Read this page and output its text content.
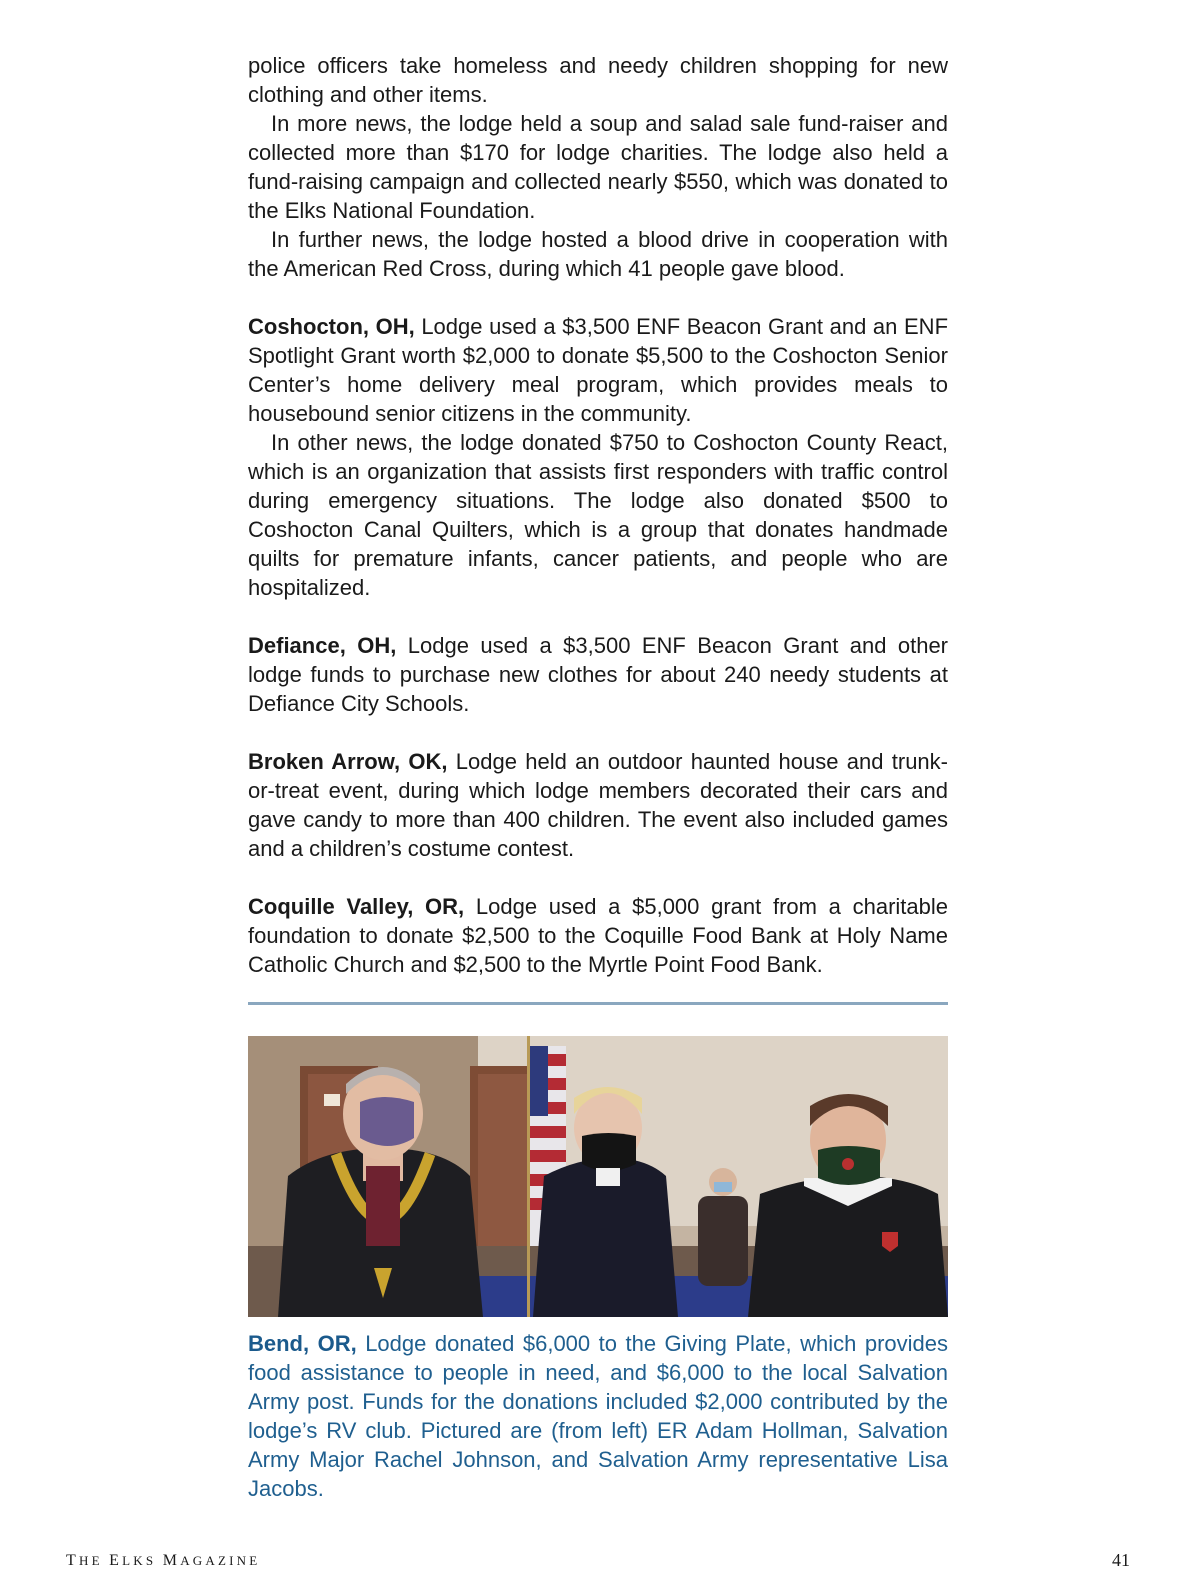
police officers take homeless and needy children shopping for new clothing and other items.

In more news, the lodge held a soup and salad sale fund-raiser and collected more than $170 for lodge charities. The lodge also held a fund-raising campaign and collected nearly $550, which was donated to the Elks National Foundation.

In further news, the lodge hosted a blood drive in cooperation with the American Red Cross, during which 41 people gave blood.

Coshocton, OH, Lodge used a $3,500 ENF Beacon Grant and an ENF Spotlight Grant worth $2,000 to donate $5,500 to the Coshocton Senior Center’s home delivery meal program, which provides meals to housebound senior citizens in the community.

In other news, the lodge donated $750 to Coshocton County React, which is an organization that assists first responders with traffic control during emergency situations. The lodge also donated $500 to Coshocton Canal Quilters, which is a group that donates handmade quilts for premature infants, cancer patients, and people who are hospitalized.

Defiance, OH, Lodge used a $3,500 ENF Beacon Grant and other lodge funds to purchase new clothes for about 240 needy students at Defiance City Schools.

Broken Arrow, OK, Lodge held an outdoor haunted house and trunk-or-treat event, during which lodge members decorated their cars and gave candy to more than 400 children. The event also included games and a children’s costume contest.

Coquille Valley, OR, Lodge used a $5,000 grant from a charitable foundation to donate $2,500 to the Coquille Food Bank at Holy Name Catholic Church and $2,500 to the Myrtle Point Food Bank.

Bend, OR, Lodge donated $6,000 to the Giving Plate, which provides food assistance to people in need, and $6,000 to the local Salvation Army post. Funds for the donations included $2,000 contributed by the lodge’s RV club. Pictured are (from left) ER Adam Hollman, Salvation Army Major Rachel Johnson, and Salvation Army representative Lisa Jacobs.

THE ELKS MAGAZINE	41
